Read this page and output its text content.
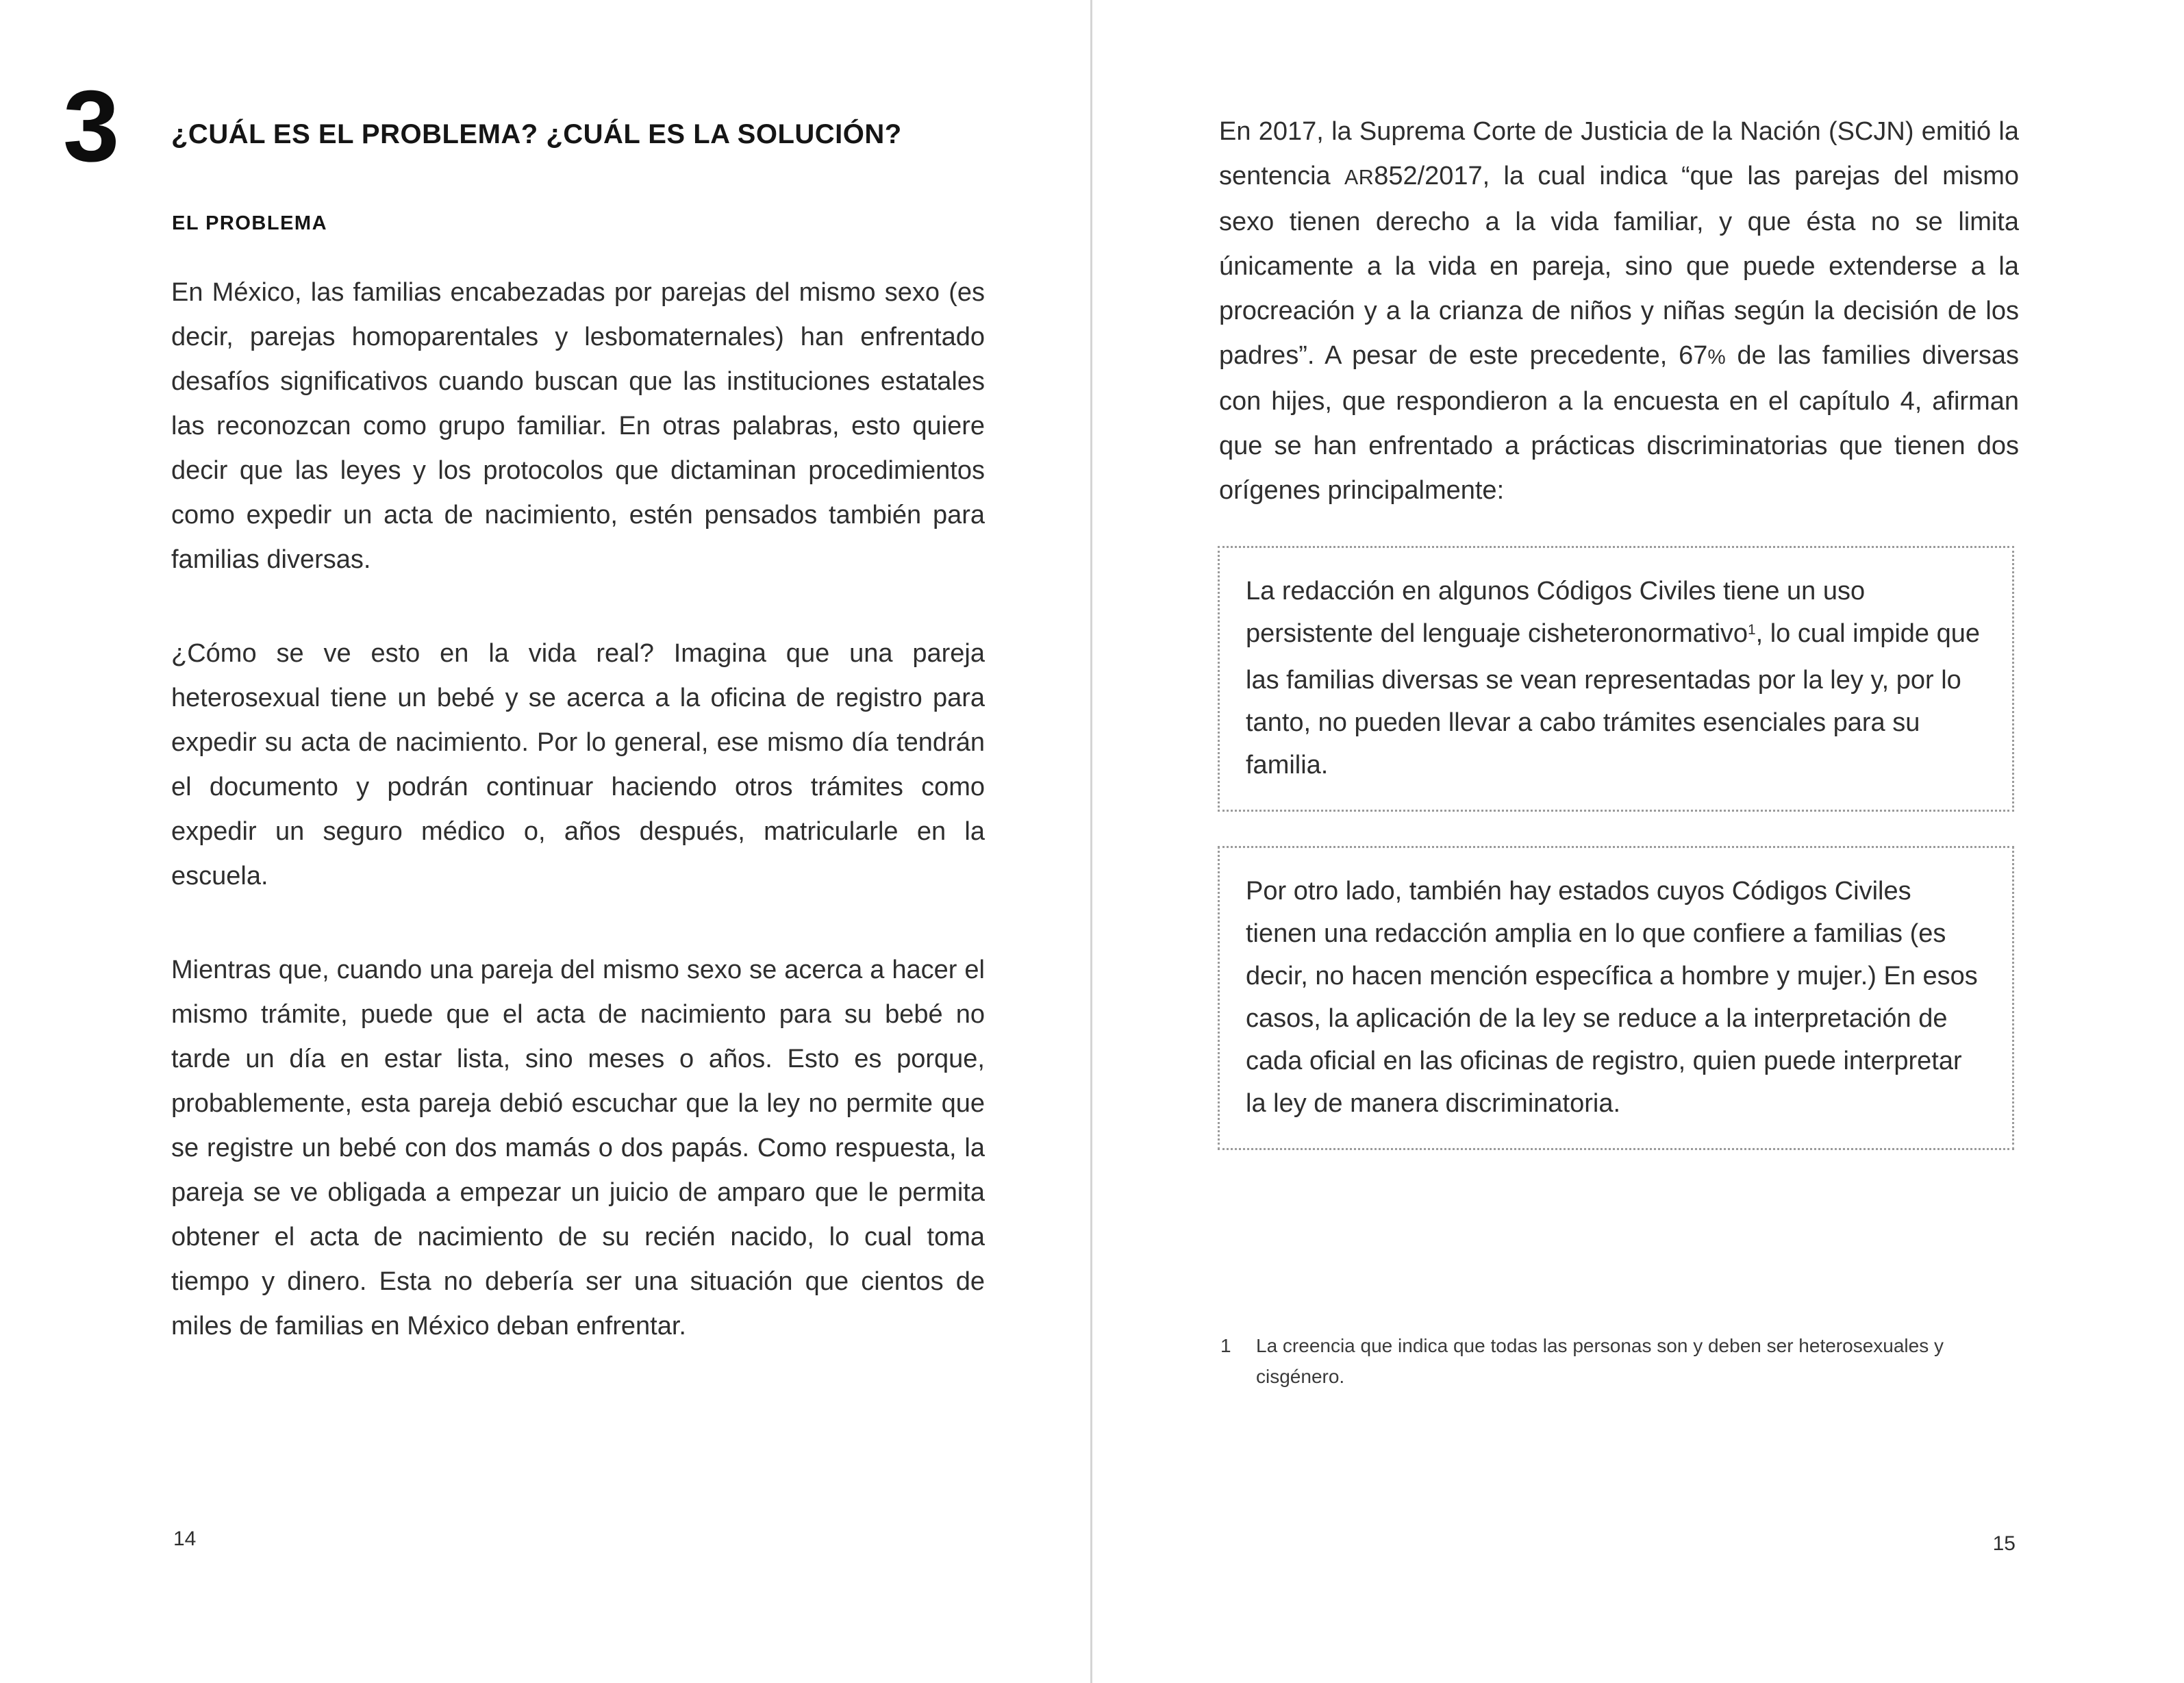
3 ¿CUÁL ES EL PROBLEMA? ¿CUÁL ES LA SOLUCIÓN?
EL PROBLEMA

En México, las familias encabezadas por parejas del mismo sexo (es decir, parejas homoparentales y lesbomaternales) han enfrentado desafíos significativos cuando buscan que las instituciones estatales las reconozcan como grupo familiar. En otras palabras, esto quiere decir que las leyes y los protocolos que dictaminan procedimientos como expedir un acta de nacimiento, estén pensados también para familias diversas.

¿Cómo se ve esto en la vida real? Imagina que una pareja heterosexual tiene un bebé y se acerca a la oficina de registro para expedir su acta de nacimiento. Por lo general, ese mismo día tendrán el documento y podrán continuar haciendo otros trámites como expedir un seguro médico o, años después, matricularle en la escuela.

Mientras que, cuando una pareja del mismo sexo se acerca a hacer el mismo trámite, puede que el acta de nacimiento para su bebé no tarde un día en estar lista, sino meses o años. Esto es porque, probablemente, esta pareja debió escuchar que la ley no permite que se registre un bebé con dos mamás o dos papás. Como respuesta, la pareja se ve obligada a empezar un juicio de amparo que le permita obtener el acta de nacimiento de su recién nacido, lo cual toma tiempo y dinero. Esta no debería ser una situación que cientos de miles de familias en México deban enfrentar.

14

En 2017, la Suprema Corte de Justicia de la Nación (SCJN) emitió la sentencia AR852/2017, la cual indica “que las parejas del mismo sexo tienen derecho a la vida familiar, y que ésta no se limita únicamente a la vida en pareja, sino que puede extenderse a la procreación y a la crianza de niños y niñas según la decisión de los padres”. A pesar de este precedente, 67% de las families diversas con hijes, que respondieron a la encuesta en el capítulo 4, afirman que se han enfrentado a prácticas discriminatorias que tienen dos orígenes principalmente:

La redacción en algunos Códigos Civiles tiene un uso persistente del lenguaje cisheteronormativo$^1$, lo cual impide que las familias diversas se vean representadas por la ley y, por lo tanto, no pueden llevar a cabo trámites esenciales para su familia.

Por otro lado, también hay estados cuyos Códigos Civiles tienen una redacción amplia en lo que confiere a familias (es decir, no hacen mención específica a hombre y mujer.) En esos casos, la aplicación de la ley se reduce a la interpretación de cada oficial en las oficinas de registro, quien puede interpretar la ley de manera discriminatoria.

1	La creencia que indica que todas las personas son y deben ser heterosexuales y cisgénero.
15
